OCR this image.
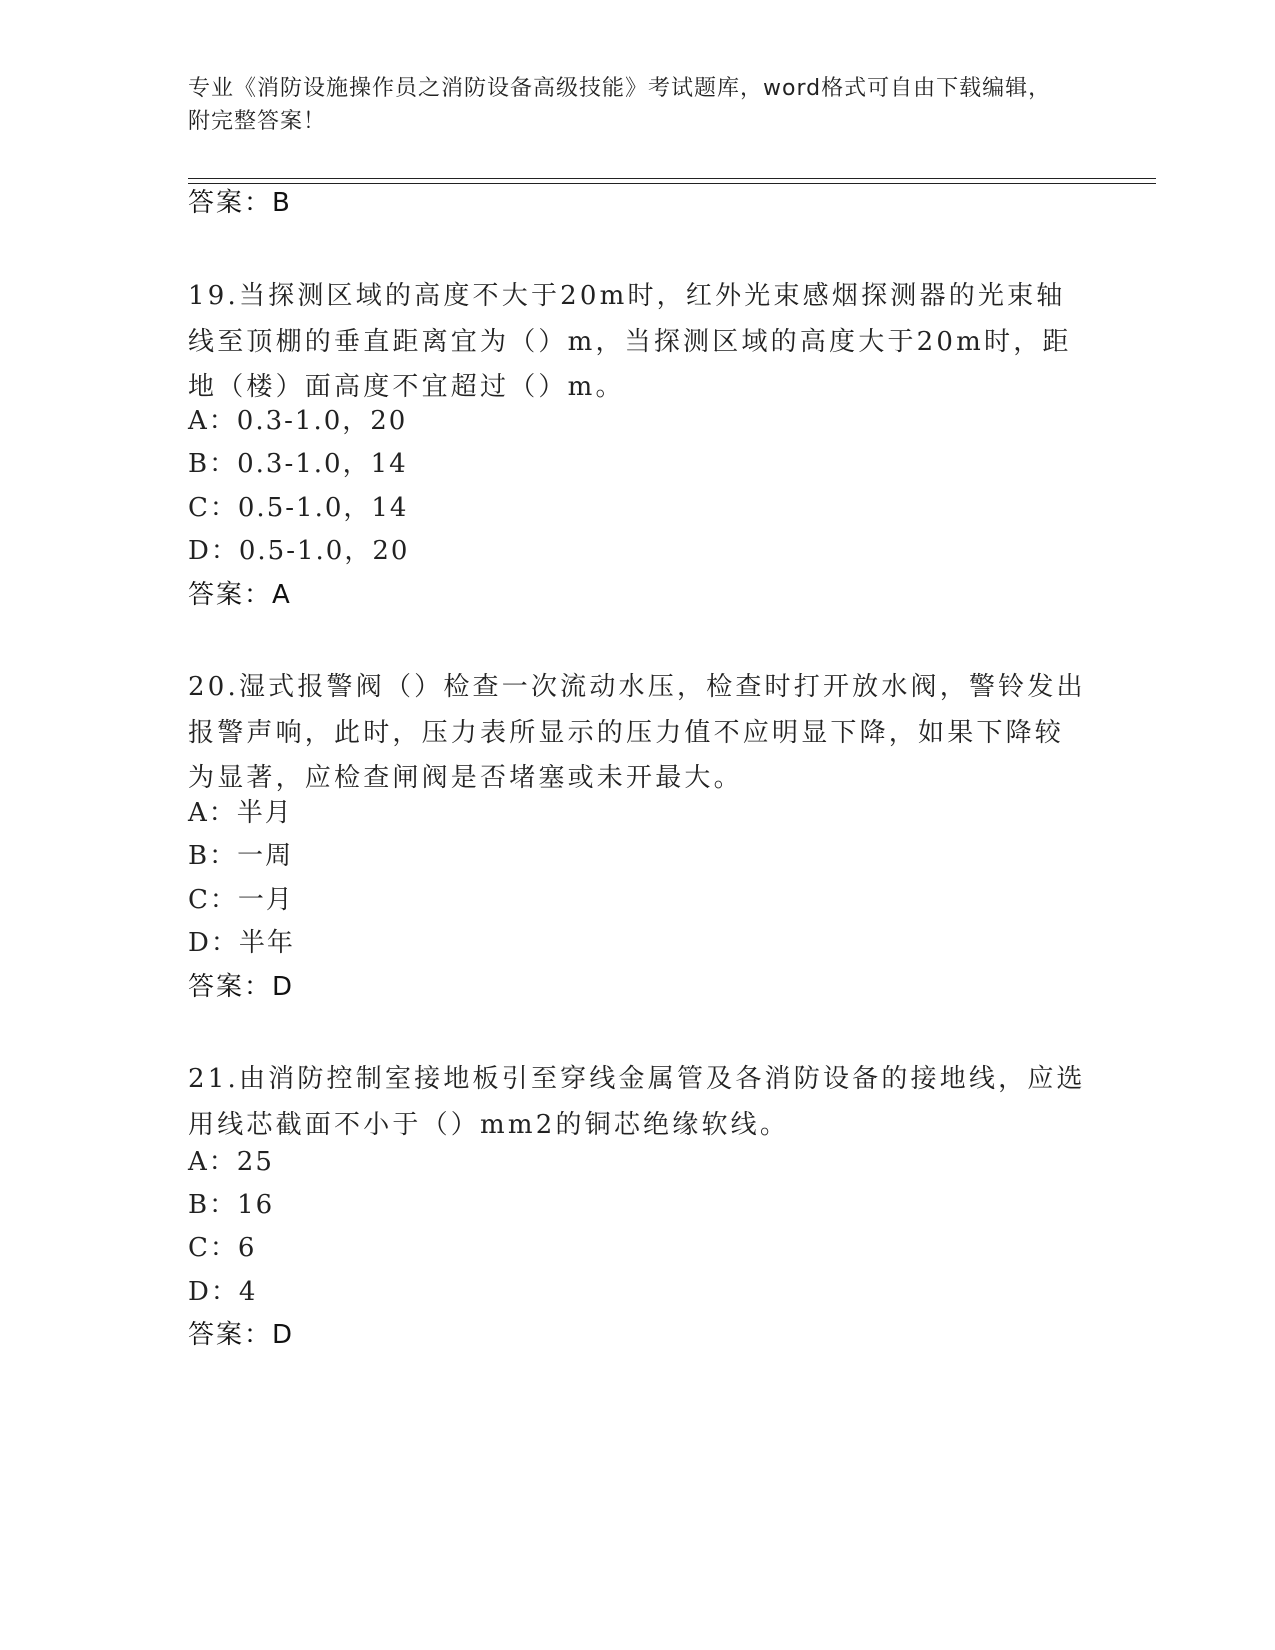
专业《消防设施操作员之消防设备高级技能》考试题库，word格式可自由下载编辑，附完整答案！
答案：B
19.当探测区域的高度不大于20m时，红外光束感烟探测器的光束轴线至顶棚的垂直距离宜为（）m，当探测区域的高度大于20m时，距地（楼）面高度不宜超过（）m。
A：0.3-1.0，20
B：0.3-1.0，14
C：0.5-1.0，14
D：0.5-1.0，20
答案：A
20.湿式报警阀（）检查一次流动水压，检查时打开放水阀，警铃发出报警声响，此时，压力表所显示的压力值不应明显下降，如果下降较为显著，应检查闸阀是否堵塞或未开最大。
A：半月
B：一周
C：一月
D：半年
答案：D
21.由消防控制室接地板引至穿线金属管及各消防设备的接地线，应选用线芯截面不小于（）mm2的铜芯绝缘软线。
A：25
B：16
C：6
D：4
答案：D
